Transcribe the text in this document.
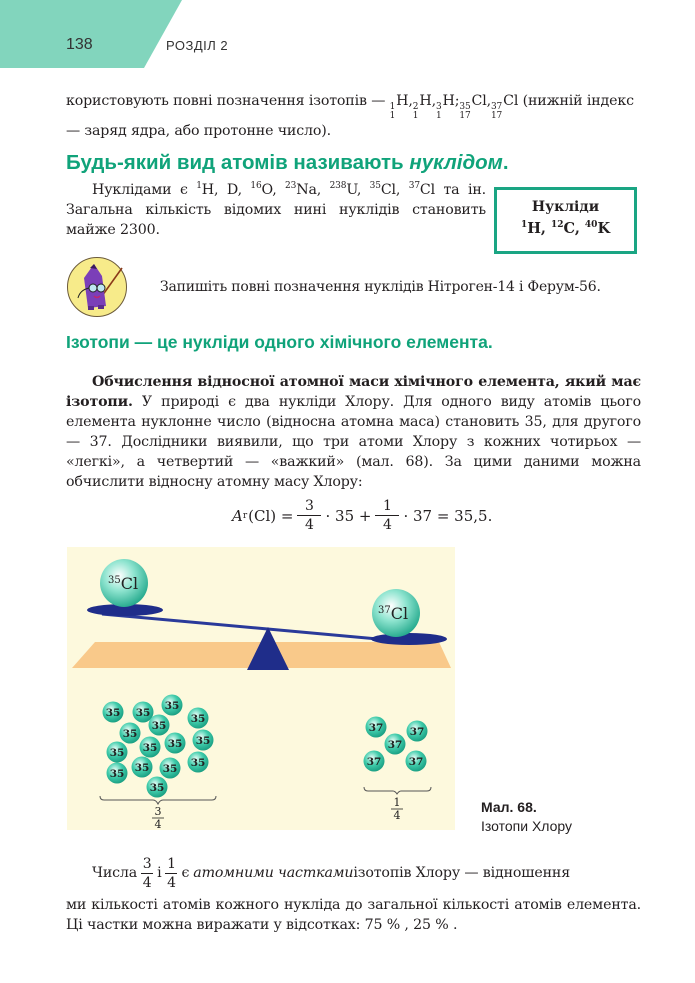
138	РОЗДІЛ 2
користовують повні позначення ізотопів — 1
1
H, 2
1
H, 3
1
H; 35
17
Cl, 37
17
Cl (нижній індекс — заряд ядра, або протонне число).
Будь-який вид атомів називають нуклідом.
Нуклідами є $^1$H, D, $^{16}$O, $^{23}$Na, $^{238}$U, $^{35}$Cl, $^{37}$Cl та ін. Загальна кількість відомих нині нуклідів становить майже 2300.
Нукліди
$^1$H, $^{12}$C, $^{40}$K
Запишіть повні позначення нуклідів Нітроген-14 і Ферум-56.
Ізотопи — це нукліди одного хімічного елемента.
Обчислення відносної атомної маси хімічного елемента, який має ізотопи. У природі є два нукліди Хлору. Для одного виду атомів цього елемента нуклонне число (відносна атомна маса) становить 35, для другого — 37. Дослідники виявили, що три атоми Хлору з кожних чотирьох — «легкі», а четвертий — «важкий» (мал. 68). За цими даними можна обчислити відносну атомну масу Хлору:
A r $(Cl) = \frac{3}{4} \cdot 35 + \frac{1}{4} \cdot 37 = 35,5$.
$^{35}$Cl
$^{37}$Cl
35 35
35
35
35
35
35 35 35 35
35 35 35 35
35
37	37
37
37	37
3
4
1
4
Мал. 68.
Ізотопи Хлору
Числа $\frac{3}{4}$ і $\frac{1}{4}$ є атомними частками ізотопів Хлору — відношення
ми кількості атомів кожного нукліда до загальної кількості атомів елемента. Ці частки можна виражати у відсотках: 75 % , 25 % .
